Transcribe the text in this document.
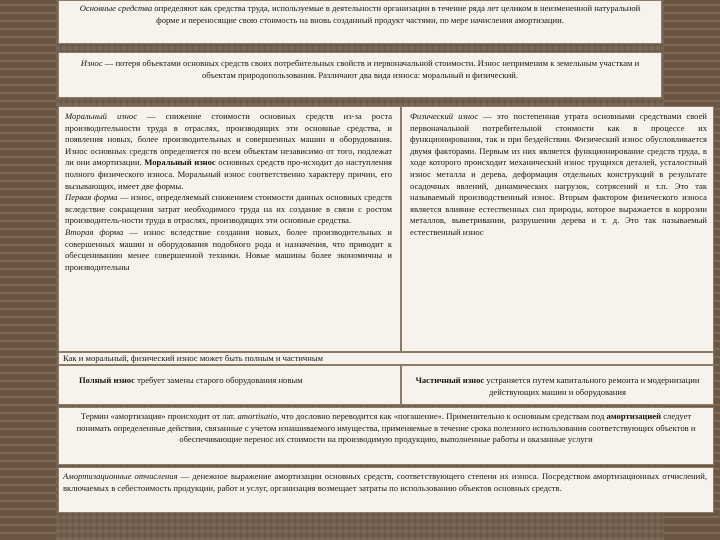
Основные средства определяют как средства труда, используемые в деятельности организации в течение ряда лет целиком в неизмененной натуральной форме и переносящие свою стоимость на вновь созданный продукт частями, по мере начисления амортизации.

Износ — потеря объектами основных средств своих потребительных свойств и первоначальной стоимости. Износ неприменим к земельным участкам и объектам природопользования. Различают два вида износа: моральный и физический.

Моральный износ — снижение стоимости основных средств из-за роста производительности труда в отраслях, производящих эти основные средства, и появления новых, более производительных и совершенных машин и оборудования. Износ основных средств определяется по всем объектам независимо от того, подлежат ли они амортизации. Моральный износ основных средств про-исходит до наступления полного физического износа. Моральный износ соответственно характеру причин, его вызывающих, имеет две формы.

Первая форма — износ, определяемый снижением стоимости данных основных средств вследствие сокращения затрат необходимого труда на их создание в связи с ростом производитель-ности труда в отраслях, производящих эти основные средства.

Вторая форма — износ вследствие создания новых, более производительных и совершенных машин и оборудования подобного рода и назначения, что приводит к обесцениванию менее совершенной техники. Новые машины более экономичны и производительны

Физический износ — это постепенная утрата основными средствами своей первоначальной потребительной стоимости как в процессе их функционирования, так и при бездействии. Физический износ обусловливается двумя факторами. Первым из них является функционирование средств труда, в ходе которого происходит механический износ трущихся деталей, усталостный износ металла и дерева, деформация отдельных конструкций в результате осадочных явлений, динамических нагрузок, сотрясений и т.п. Это так называемый производственный износ. Вторым фактором физического износа является влияние естественных сил природы, которое выражается в коррозии металлов, выветривании, разрушении дерева и т. д. Это так называемый естественный износ

Как и моральный, физический износ может быть полным и частичным

Полный износ требует замены старого оборудования новым	Частичный износ устраняется путем капитального ремонта и модернизации действующих машин и оборудования

Термин «амортизация» происходит от лат. amortisatio, что дословно переводится как «погашение». Применительно к основным средствам под амортизацией следует понимать определенные действия, связанные с учетом изнашиваемого имущества, применяемые в течение срока полезного использования соответствующих объектов и обеспечивающие перенос их стоимости на производимую продукцию, выполненные работы и оказанные услуги

Амортизационные отчисления — денежное выражение амортизации основных средств, соответствующего степени их износа. Посредством амортизационных отчислений, включаемых в себестоимость продукции, работ и услуг, организация возмещает затраты по использованию объектов основных средств.
